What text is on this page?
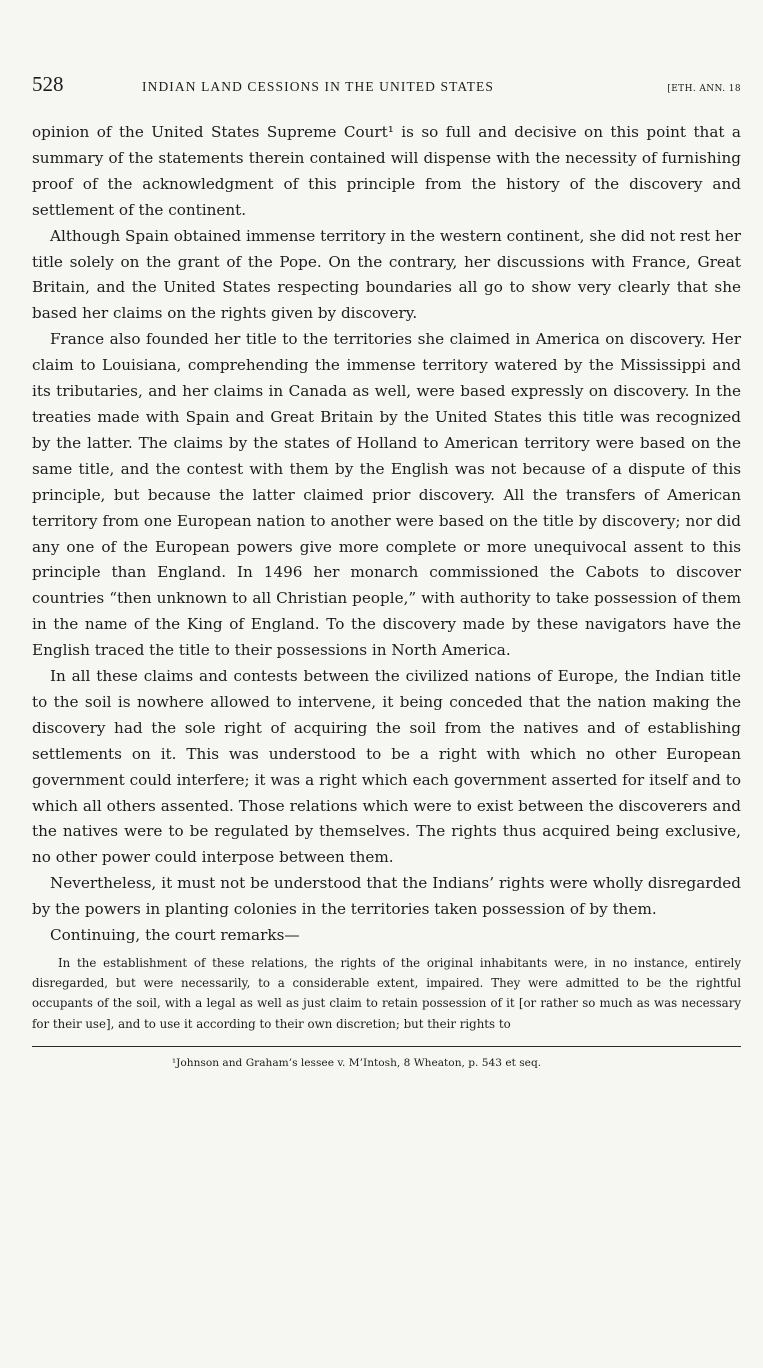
528	INDIAN LAND CESSIONS IN THE UNITED STATES	[ETH. ANN. 18

opinion of the United States Supreme Court¹ is so full and decisive on this point that a summary of the statements therein contained will dispense with the necessity of furnishing proof of the acknowledgment of this principle from the history of the discovery and settlement of the continent.

Although Spain obtained immense territory in the western continent, she did not rest her title solely on the grant of the Pope. On the contrary, her discussions with France, Great Britain, and the United States respecting boundaries all go to show very clearly that she based her claims on the rights given by discovery.

France also founded her title to the territories she claimed in America on discovery. Her claim to Louisiana, comprehending the immense territory watered by the Mississippi and its tributaries, and her claims in Canada as well, were based expressly on discovery. In the treaties made with Spain and Great Britain by the United States this title was recognized by the latter. The claims by the states of Holland to American territory were based on the same title, and the contest with them by the English was not because of a dispute of this principle, but because the latter claimed prior discovery. All the transfers of American territory from one European nation to another were based on the title by discovery; nor did any one of the European powers give more complete or more unequivocal assent to this principle than England. In 1496 her monarch commissioned the Cabots to discover countries “then unknown to all Christian people,” with authority to take possession of them in the name of the King of England. To the discovery made by these navigators have the English traced the title to their possessions in North America.

In all these claims and contests between the civilized nations of Europe, the Indian title to the soil is nowhere allowed to intervene, it being conceded that the nation making the discovery had the sole right of acquiring the soil from the natives and of establishing settlements on it. This was understood to be a right with which no other European government could interfere; it was a right which each government asserted for itself and to which all others assented. Those relations which were to exist between the discoverers and the natives were to be regulated by themselves. The rights thus acquired being exclusive, no other power could interpose between them.

Nevertheless, it must not be understood that the Indians’ rights were wholly disregarded by the powers in planting colonies in the territories taken possession of by them.

Continuing, the court remarks—

In the establishment of these relations, the rights of the original inhabitants were, in no instance, entirely disregarded, but were necessarily, to a considerable extent, impaired. They were admitted to be the rightful occupants of the soil, with a legal as well as just claim to retain possession of it [or rather so much as was necessary for their use], and to use it according to their own discretion; but their rights to

¹Johnson and Graham’s lessee v. M’Intosh, 8 Wheaton, p. 543 et seq.
